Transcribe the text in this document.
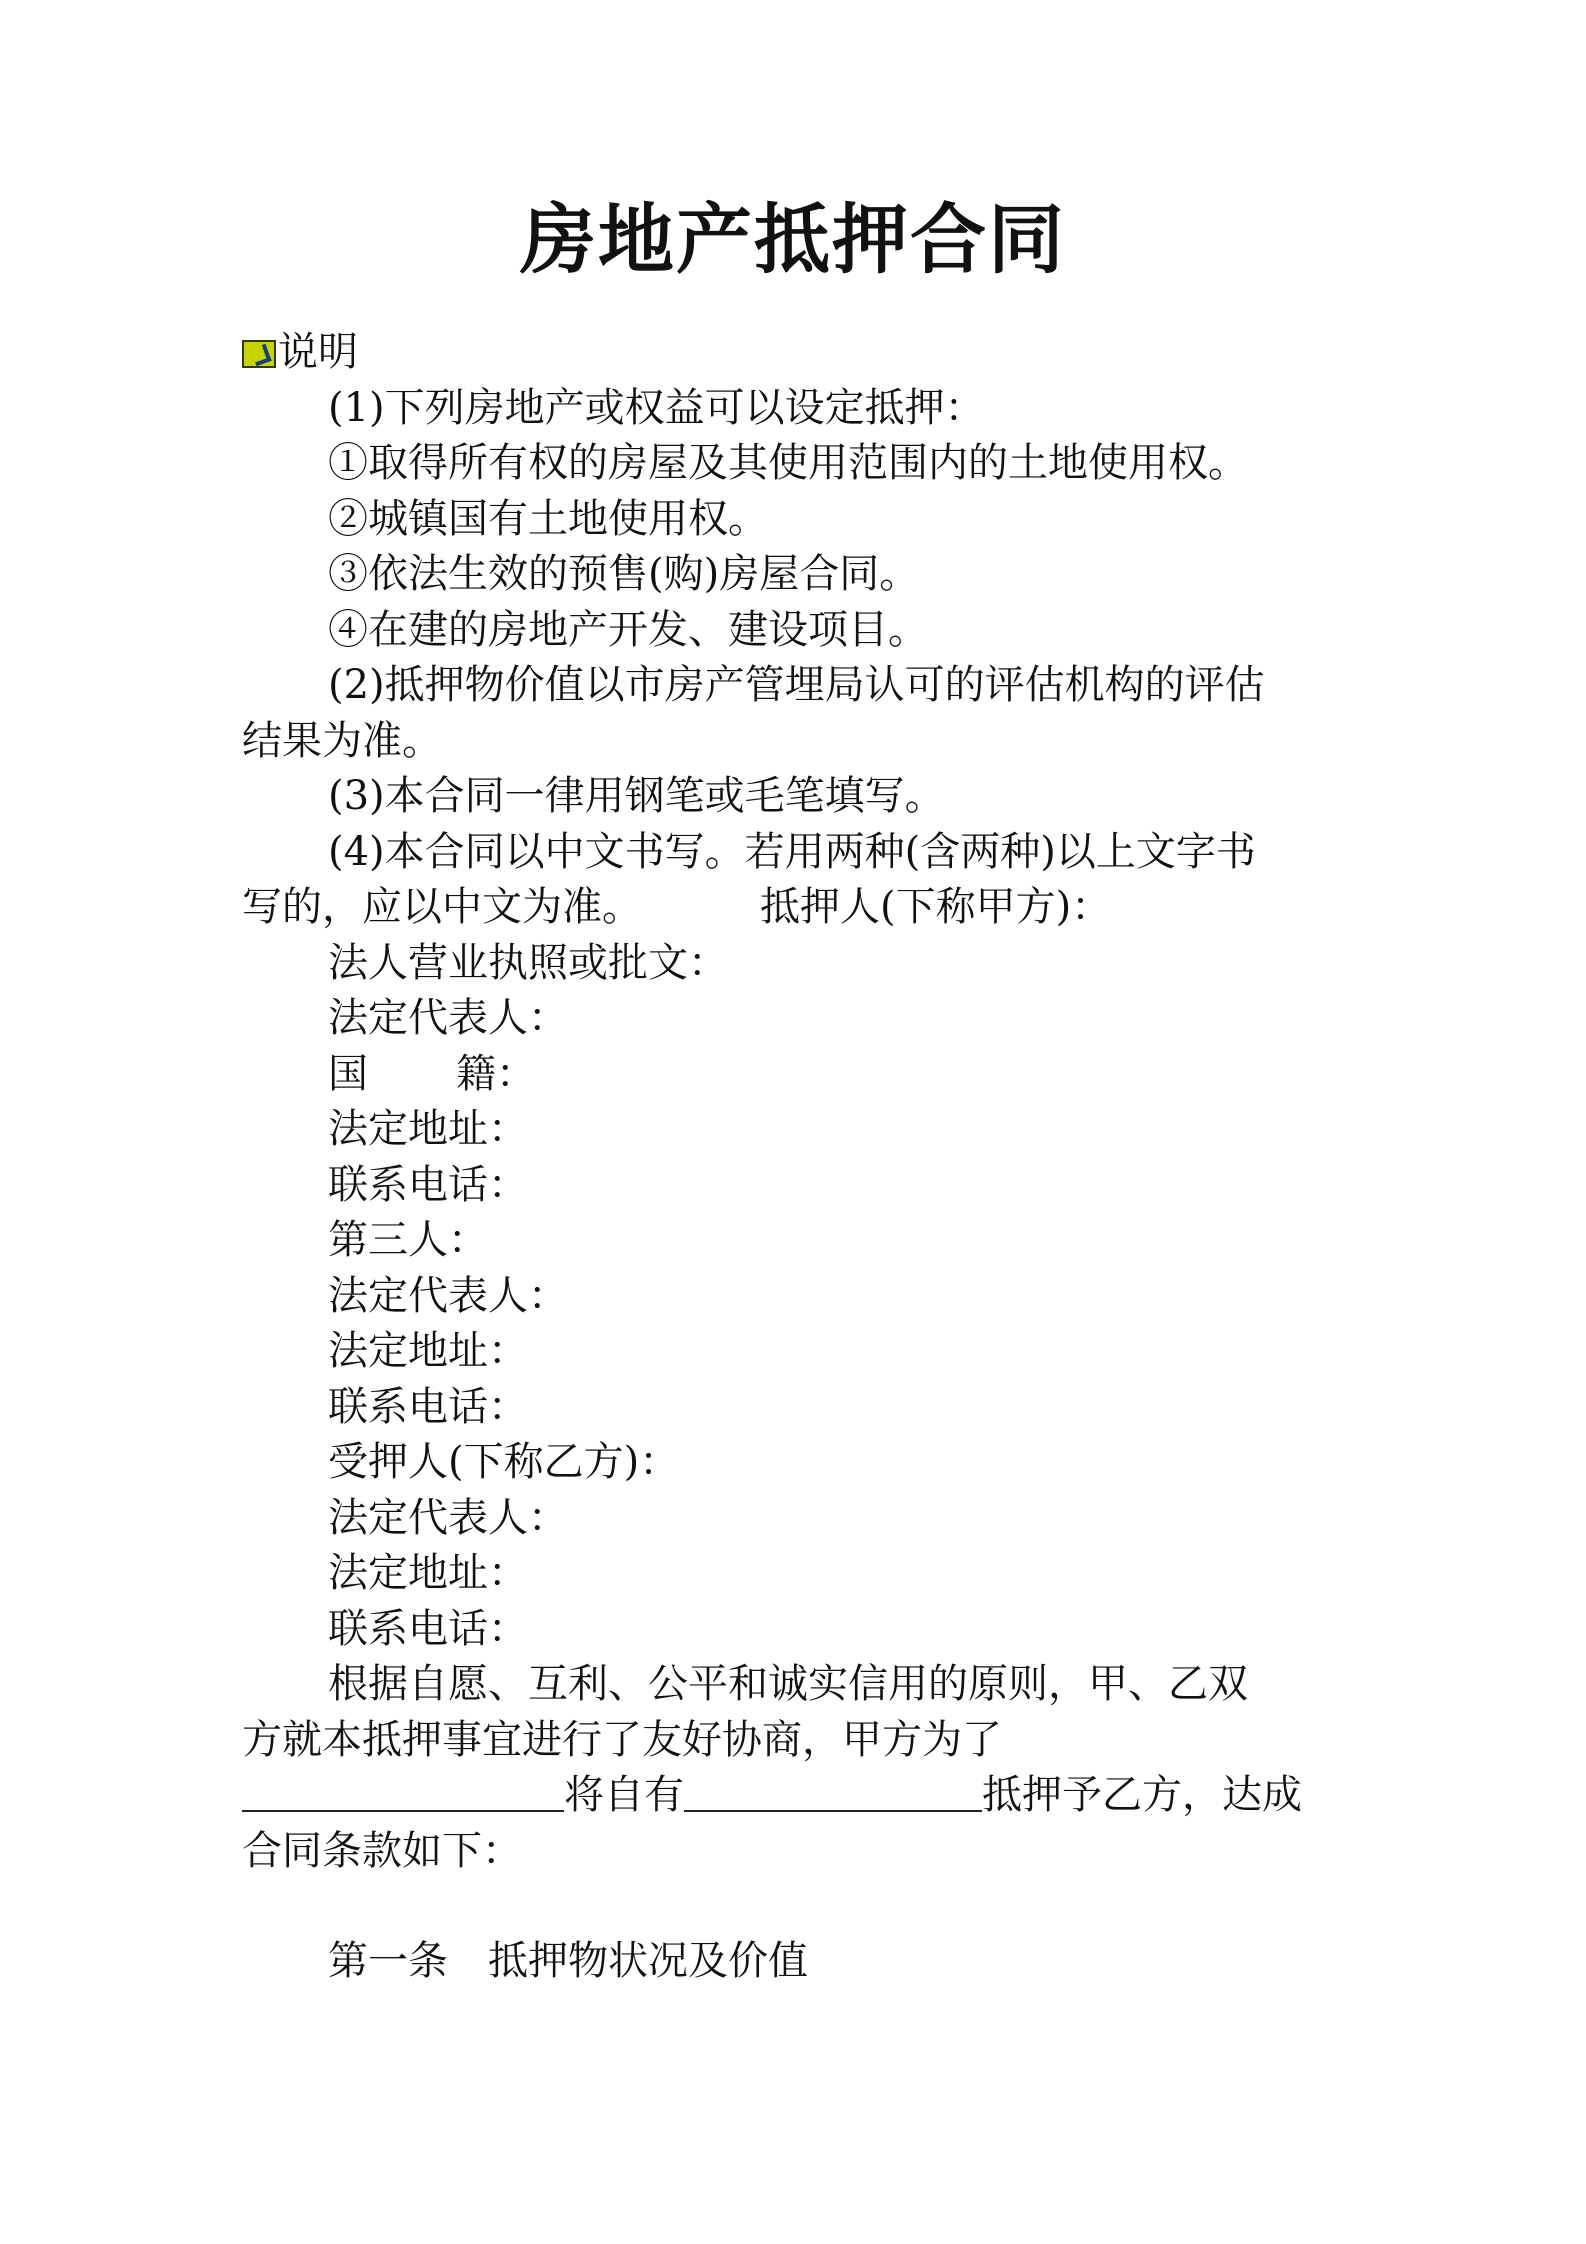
房地产抵押合同
说明
(1)下列房地产或权益可以设定抵押：
①取得所有权的房屋及其使用范围内的土地使用权。
②城镇国有土地使用权。
③依法生效的预售(购)房屋合同。
④在建的房地产开发、建设项目。
(2)抵押物价值以市房产管埋局认可的评估机构的评估
结果为准。
(3)本合同一律用钢笔或毛笔填写。
(4)本合同以中文书写。若用两种(含两种)以上文字书
写的，应以中文为准。	抵押人(下称甲方)：
法人营业执照或批文：
法定代表人：
国 籍：
法定地址：
联系电话：
第三人：
法定代表人：
法定地址：
联系电话：
受押人(下称乙方)：
法定代表人：
法定地址：
联系电话：
根据自愿、互利、公平和诚实信用的原则，甲、乙双
方就本抵押事宜进行了友好协商，甲方为了
将自有	抵押予乙方，达成
合同条款如下：
第一条 抵押物状况及价值
